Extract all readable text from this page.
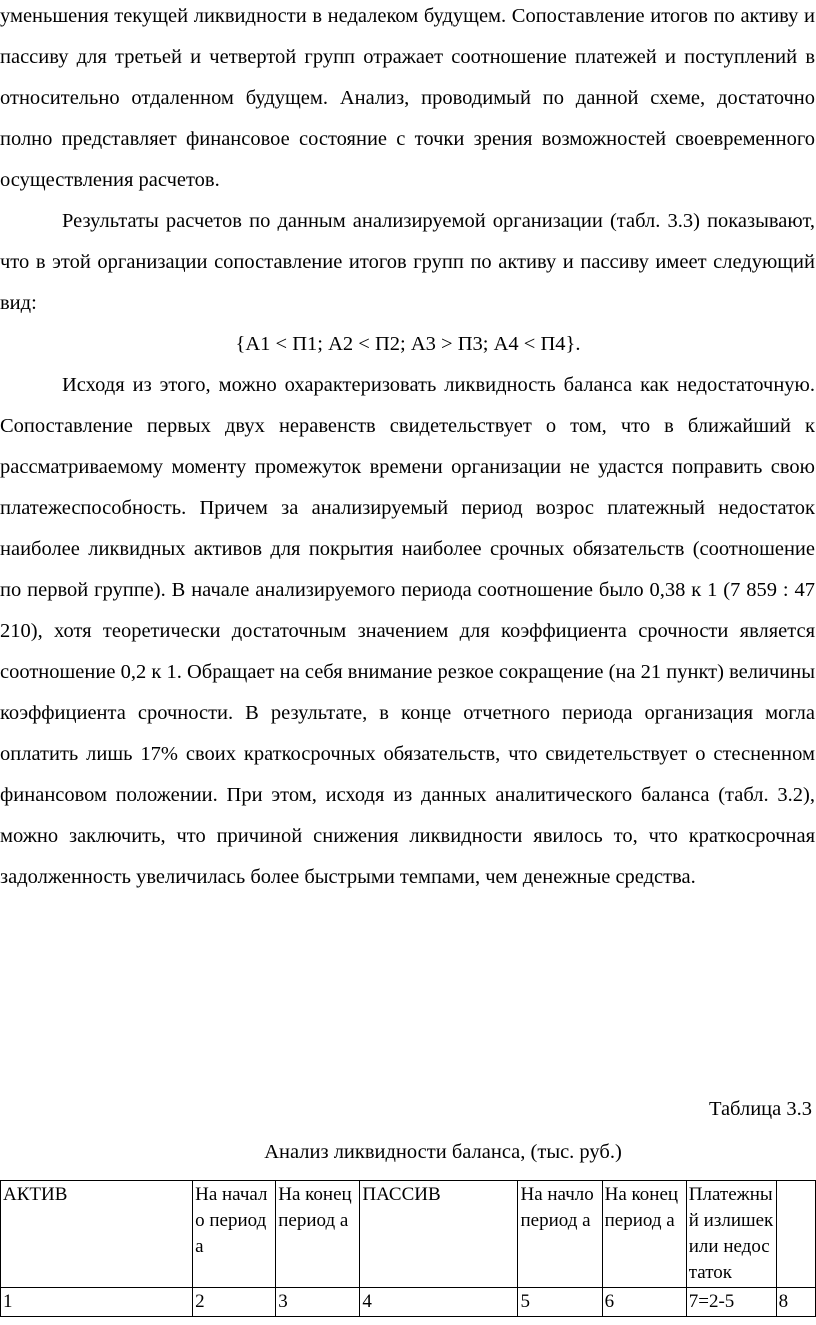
уменьшения текущей ликвидности в недалеком будущем. Сопоставление итогов по активу и пассиву для третьей и четвертой групп отражает соотношение платежей и поступлений в относительно отдаленном будущем. Анализ, проводимый по данной схеме, достаточно полно представляет финансовое состояние с точки зрения возможностей своевременного осуществления расчетов.

Результаты расчетов по данным анализируемой организации (табл. 3.3) показывают, что в этой организации сопоставление итогов групп по активу и пассиву имеет следующий вид:

{А1 < П1; А2 < П2; А3 > П3; А4 < П4}.

Исходя из этого, можно охарактеризовать ликвидность баланса как недостаточную. Сопоставление первых двух неравенств свидетельствует о том, что в ближайший к рассматриваемому моменту промежуток времени организации не удастся поправить свою платежеспособность. Причем за анализируемый период возрос платежный недостаток наиболее ликвидных активов для покрытия наиболее срочных обязательств (соотношение по первой группе). В начале анализируемого периода соотношение было 0,38 к 1 (7 859 : 47 210), хотя теоретически достаточным значением для коэффициента срочности является соотношение 0,2 к 1. Обращает на себя внимание резкое сокращение (на 21 пункт) величины коэффициента срочности. В результате, в конце отчетного периода организация могла оплатить лишь 17% своих краткосрочных обязательств, что свидетельствует о стесненном финансовом положении. При этом, исходя из данных аналитического баланса (табл. 3.2), можно заключить, что причиной снижения ликвидности явилось то, что краткосрочная задолженность увеличилась более быстрыми темпами, чем денежные средства.

Таблица 3.3
Анализ ликвидности баланса, (тыс. руб.)
АКТИВ	На начало период а	На конец период а	ПАССИВ	На начло период а	На конец период а	Платежный излишек или недостаток	
1	2	3	4	5	6	7=2-5	8
